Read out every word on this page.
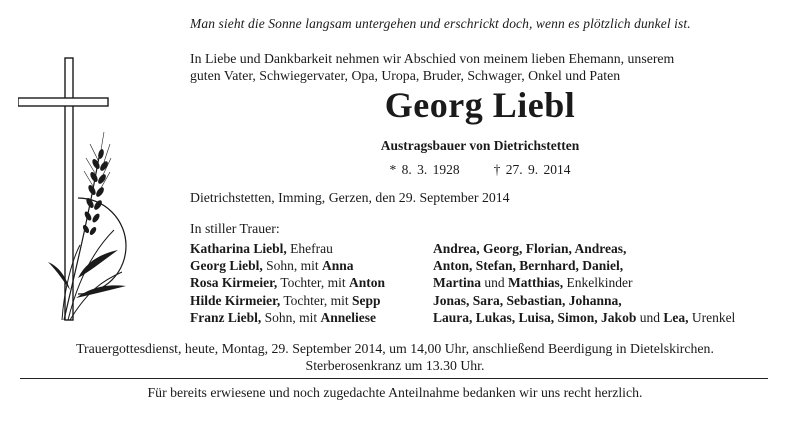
Man sieht die Sonne langsam untergehen und erschrickt doch, wenn es plötzlich dunkel ist.
In Liebe und Dankbarkeit nehmen wir Abschied von meinem lieben Ehemann, unserem
guten Vater, Schwiegervater, Opa, Uropa, Bruder, Schwager, Onkel und Paten
Georg Liebl
Austragsbauer von Dietrichstetten
* 8. 3. 1928	† 27. 9. 2014
Dietrichstetten, Imming, Gerzen, den 29. September 2014
In stiller Trauer:
Katharina Liebl, Ehefrau
Georg Liebl, Sohn, mit Anna
Rosa Kirmeier, Tochter, mit Anton
Hilde Kirmeier, Tochter, mit Sepp
Franz Liebl, Sohn, mit Anneliese
Andrea, Georg, Florian, Andreas,
Anton, Stefan, Bernhard, Daniel,
Martina und Matthias, Enkelkinder
Jonas, Sara, Sebastian, Johanna,
Laura, Lukas, Luisa, Simon, Jakob und Lea, Urenkel
Trauergottesdienst, heute, Montag, 29. September 2014, um 14,00 Uhr, anschließend Beerdigung in Dietelskirchen.
Sterberosenkranz um 13.30 Uhr.
Für bereits erwiesene und noch zugedachte Anteilnahme bedanken wir uns recht herzlich.
